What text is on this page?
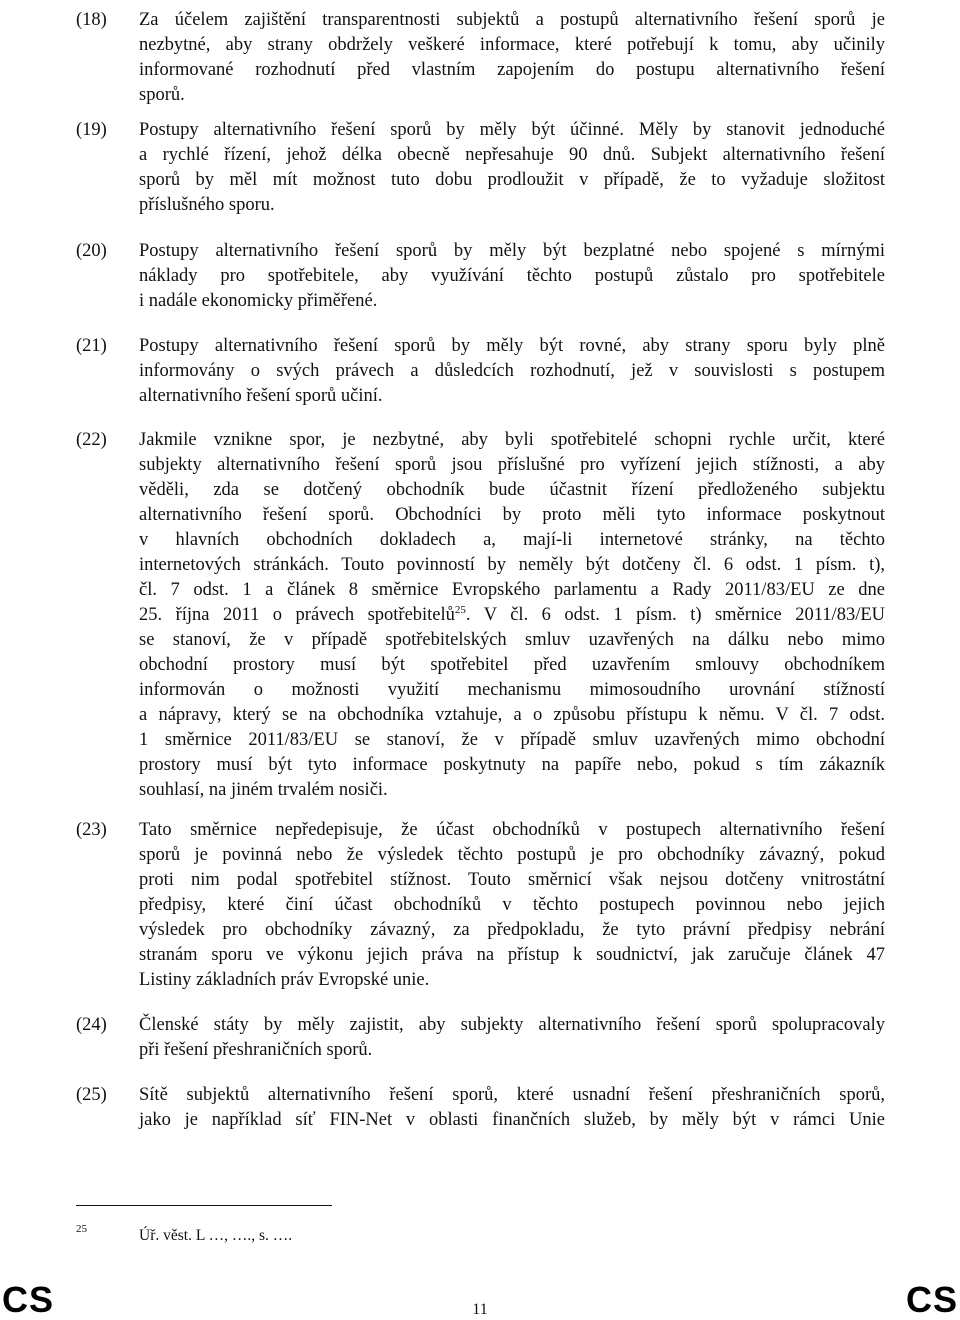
(18) Za účelem zajištění transparentnosti subjektů a postupů alternativního řešení sporů je
nezbytné, aby strany obdržely veškeré informace, které potřebují k tomu, aby učinily
informované rozhodnutí před vlastním zapojením do postupu alternativního řešení
sporů.
(19) Postupy alternativního řešení sporů by měly být účinné. Měly by stanovit jednoduché
a rychlé řízení, jehož délka obecně nepřesahuje 90 dnů. Subjekt alternativního řešení
sporů by měl mít možnost tuto dobu prodloužit v případě, že to vyžaduje složitost
příslušného sporu.
(20) Postupy alternativního řešení sporů by měly být bezplatné nebo spojené s mírnými
náklady pro spotřebitele, aby využívání těchto postupů zůstalo pro spotřebitele
i nadále ekonomicky přiměřené.
(21) Postupy alternativního řešení sporů by měly být rovné, aby strany sporu byly plně
informovány o svých právech a důsledcích rozhodnutí, jež v souvislosti s postupem
alternativního řešení sporů učiní.
(22) Jakmile vznikne spor, je nezbytné, aby byli spotřebitelé schopni rychle určit, které
subjekty alternativního řešení sporů jsou příslušné pro vyřízení jejich stížnosti, a aby
věděli, zda se dotčený obchodník bude účastnit řízení předloženého subjektu
alternativního řešení sporů. Obchodníci by proto měli tyto informace poskytnout
v hlavních obchodních dokladech a, mají-li internetové stránky, na těchto
internetových stránkách. Touto povinností by neměly být dotčeny čl. 6 odst. 1 písm. t),
čl. 7 odst. 1 a článek 8 směrnice Evropského parlamentu a Rady 2011/83/EU ze dne
25. října 2011 o právech spotřebitelů$^{25}$. V čl. 6 odst. 1 písm. t) směrnice 2011/83/EU
se stanoví, že v případě spotřebitelských smluv uzavřených na dálku nebo mimo
obchodní prostory musí být spotřebitel před uzavřením smlouvy obchodníkem
informován o možnosti využití mechanismu mimosoudního urovnání stížností
a nápravy, který se na obchodníka vztahuje, a o způsobu přístupu k němu. V čl. 7 odst.
1 směrnice 2011/83/EU se stanoví, že v případě smluv uzavřených mimo obchodní
prostory musí být tyto informace poskytnuty na papíře nebo, pokud s tím zákazník
souhlasí, na jiném trvalém nosiči.
(23) Tato směrnice nepředepisuje, že účast obchodníků v postupech alternativního řešení
sporů je povinná nebo že výsledek těchto postupů je pro obchodníky závazný, pokud
proti nim podal spotřebitel stížnost. Touto směrnicí však nejsou dotčeny vnitrostátní
předpisy, které činí účast obchodníků v těchto postupech povinnou nebo jejich
výsledek pro obchodníky závazný, za předpokladu, že tyto právní předpisy nebrání
stranám sporu ve výkonu jejich práva na přístup k soudnictví, jak zaručuje článek 47
Listiny základních práv Evropské unie.
(24) Členské státy by měly zajistit, aby subjekty alternativního řešení sporů spolupracovaly
při řešení přeshraničních sporů.
(25) Sítě subjektů alternativního řešení sporů, které usnadní řešení přeshraničních sporů,
jako je například síť FIN-Net v oblasti finančních služeb, by měly být v rámci Unie
25	Úř. věst. L …, …., s. ….
CS	11	CS
